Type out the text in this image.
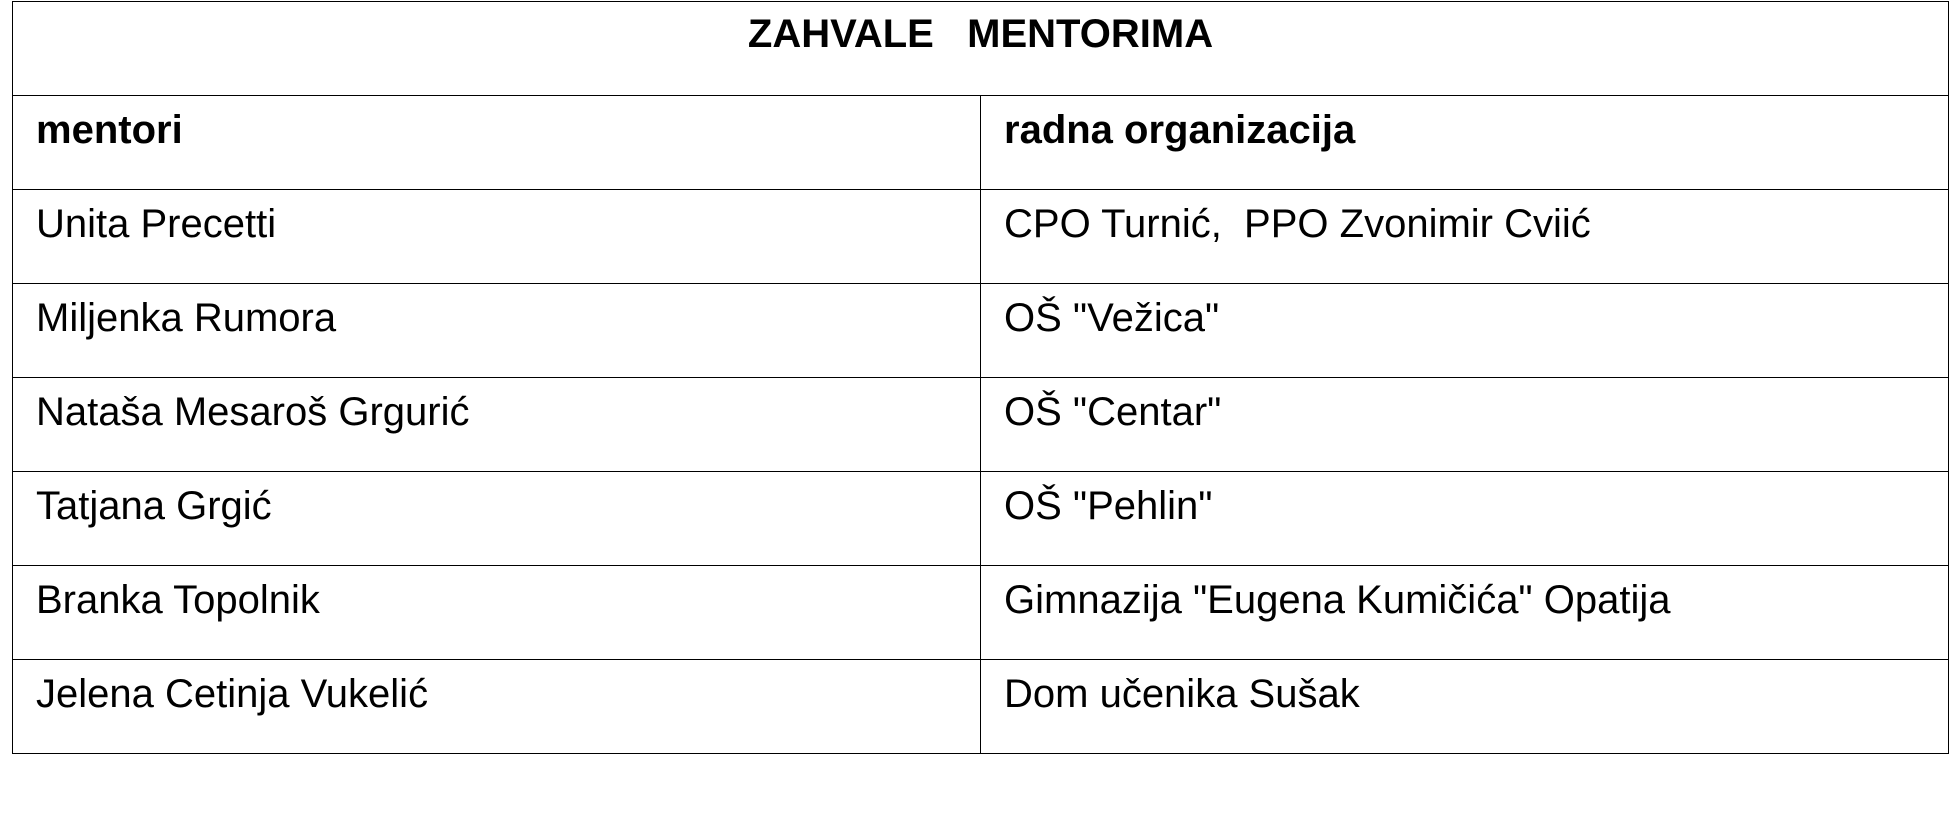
ZAHVALE   MENTORIMA	

mentori	radna organizacija

Unita Precetti	CPO Turnić,  PPO Zvonimir Cviić

Miljenka Rumora	OŠ "Vežica"

Nataša Mesaroš Grgurić	OŠ "Centar"

Tatjana Grgić	OŠ "Pehlin"

Branka Topolnik	Gimnazija "Eugena Kumičića" Opatija

Jelena Cetinja Vukelić	Dom učenika Sušak
